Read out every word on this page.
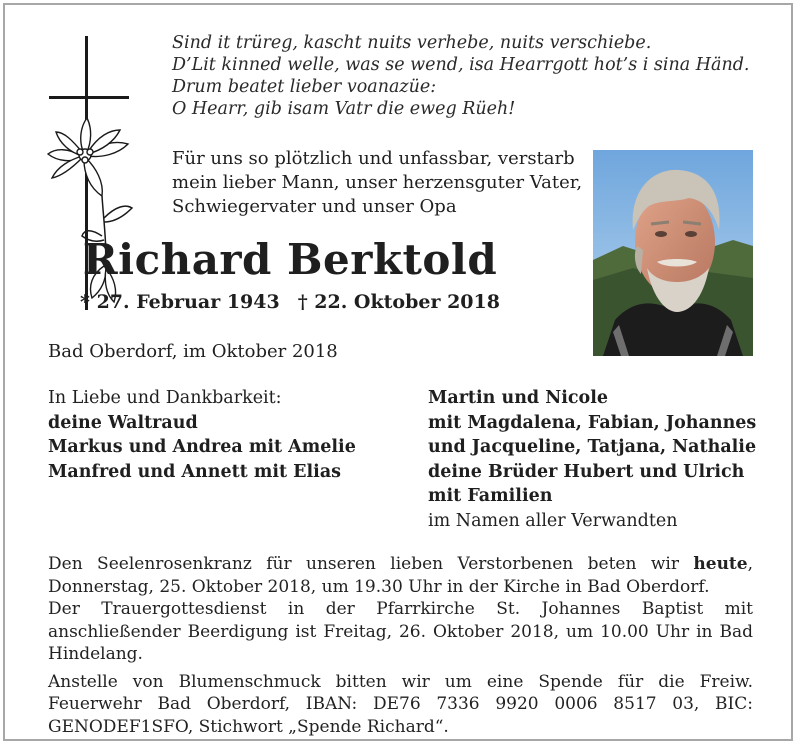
Sind it trüreg, kascht nuits verhebe, nuits verschiebe.
D’Lit kinned welle, was se wend, isa Hearrgott hot’s i sina Händ.
Drum beatet lieber voanazüe:
O Hearr, gib isam Vatr die eweg Rüeh!
Für uns so plötzlich und unfassbar, verstarb
mein lieber Mann, unser herzensguter Vater,
Schwiegervater und unser Opa
Richard Berktold
* 27. Februar 1943 † 22. Oktober 2018
Bad Oberdorf, im Oktober 2018
In Liebe und Dankbarkeit:
deine Waltraud
Markus und Andrea mit Amelie
Manfred und Annett mit Elias
Martin und Nicole
mit Magdalena, Fabian, Johannes
und Jacqueline, Tatjana, Nathalie
deine Brüder Hubert und Ulrich
mit Familien
im Namen aller Verwandten

Den Seelenrosenkranz für unseren lieben Verstorbenen beten wir heute, Donnerstag, 25. Oktober 2018, um 19.30 Uhr in der Kirche in Bad Oberdorf.

Der Trauergottesdienst in der Pfarrkirche St. Johannes Baptist mit anschließender Beerdigung ist Freitag, 26. Oktober 2018, um 10.00 Uhr in Bad Hindelang.

Anstelle von Blumenschmuck bitten wir um eine Spende für die Freiw. Feuerwehr Bad Oberdorf, IBAN: DE76 7336 9920 0006 8517 03, BIC: GENODEF1SFO, Stichwort „Spende Richard“.
